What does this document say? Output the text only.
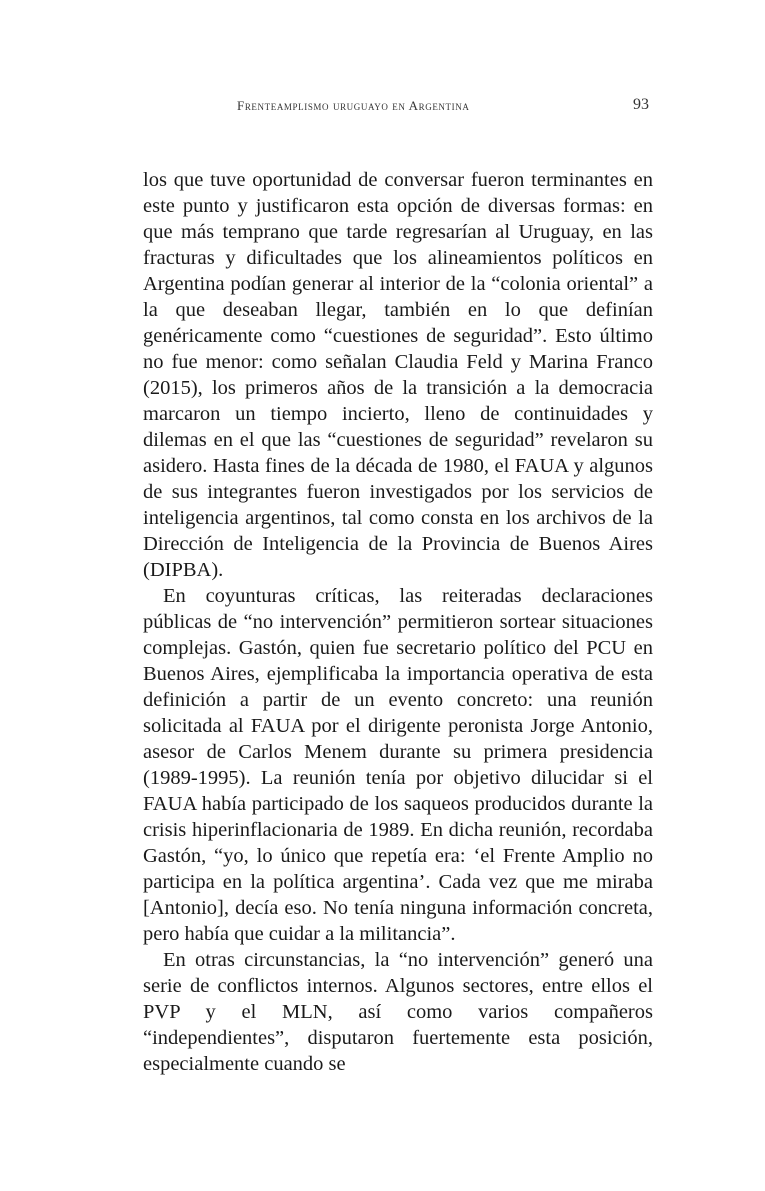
Frenteamplismo uruguayo en Argentina	93

los que tuve oportunidad de conversar fueron terminantes en este punto y justificaron esta opción de diversas formas: en que más temprano que tarde regresarían al Uruguay, en las fracturas y dificultades que los alineamientos políticos en Argentina podían generar al interior de la “colonia oriental” a la que deseaban llegar, también en lo que definían genéricamente como “cuestiones de seguridad”. Esto último no fue menor: como señalan Claudia Feld y Marina Franco (2015), los primeros años de la transición a la democracia marcaron un tiempo incierto, lleno de continuidades y dilemas en el que las “cuestiones de seguridad” revelaron su asidero. Hasta fines de la década de 1980, el FAUA y algunos de sus integrantes fueron investigados por los servicios de inteligencia argentinos, tal como consta en los archivos de la Dirección de Inteligencia de la Provincia de Buenos Aires (DIPBA).

En coyunturas críticas, las reiteradas declaraciones públicas de “no intervención” permitieron sortear situaciones complejas. Gastón, quien fue secretario político del PCU en Buenos Aires, ejemplificaba la importancia operativa de esta definición a partir de un evento concreto: una reunión solicitada al FAUA por el dirigente peronista Jorge Antonio, asesor de Carlos Menem durante su primera presidencia (1989-1995). La reunión tenía por objetivo dilucidar si el FAUA había participado de los saqueos producidos durante la crisis hiperinflacionaria de 1989. En dicha reunión, recordaba Gastón, “yo, lo único que repetía era: ‘el Frente Amplio no participa en la política argentina’. Cada vez que me miraba [Antonio], decía eso. No tenía ninguna información concreta, pero había que cuidar a la militancia”.

En otras circunstancias, la “no intervención” generó una serie de conflictos internos. Algunos sectores, entre ellos el PVP y el MLN, así como varios compañeros “independientes”, disputaron fuertemente esta posición, especialmente cuando se
